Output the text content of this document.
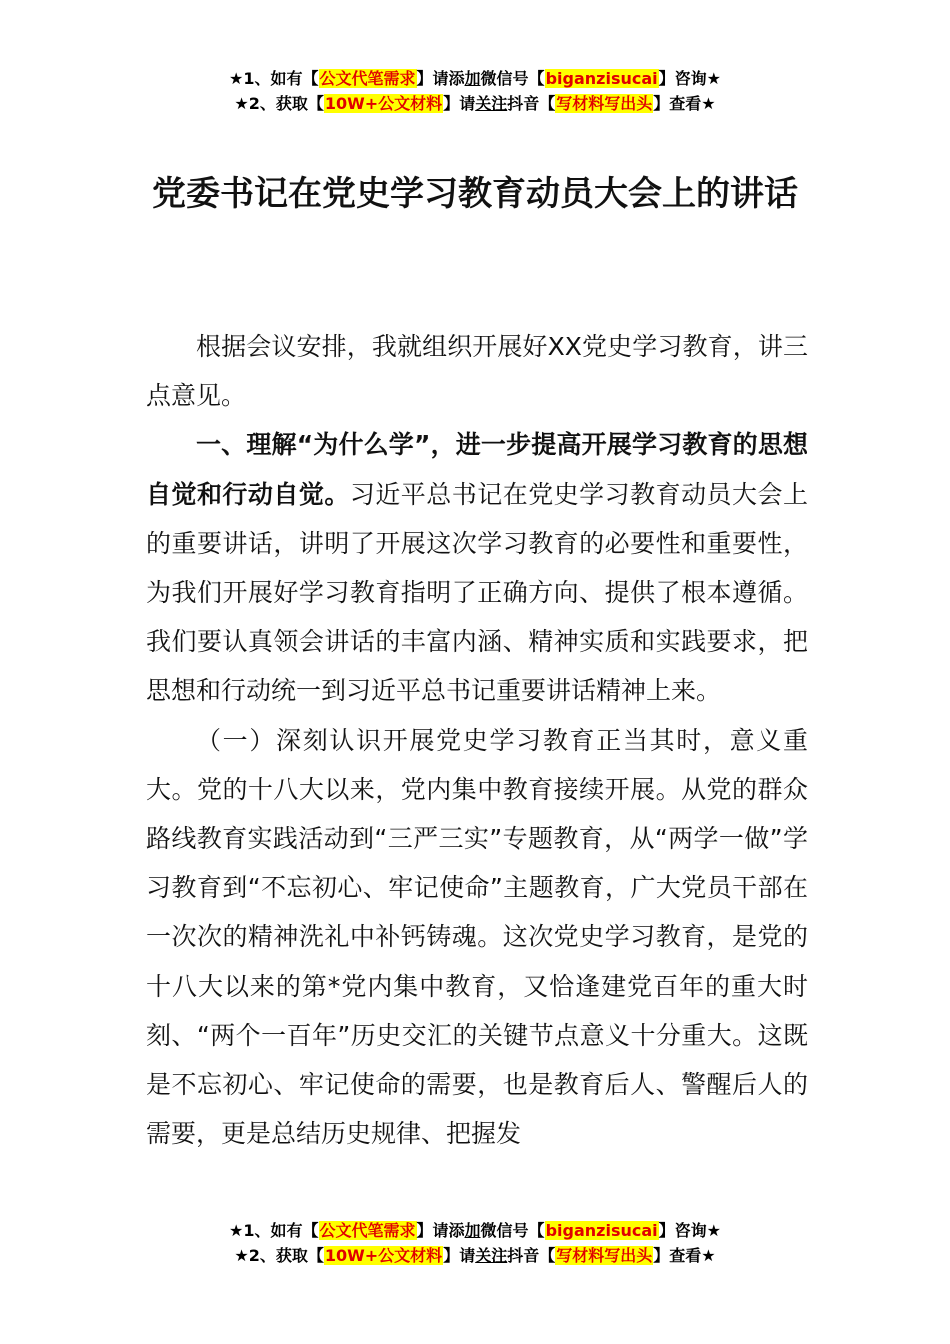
★1、如有【公文代笔需求】请添加微信号【biganzisucai】咨询★
★2、获取【10W+公文材料】请关注抖音【写材料写出头】查看★
党委书记在党史学习教育动员大会上的讲话

根据会议安排，我就组织开展好XX党史学习教育，讲三点意见。

一、理解“为什么学”，进一步提高开展学习教育的思想自觉和行动自觉。习近平总书记在党史学习教育动员大会上的重要讲话，讲明了开展这次学习教育的必要性和重要性，为我们开展好学习教育指明了正确方向、提供了根本遵循。我们要认真领会讲话的丰富内涵、精神实质和实践要求，把思想和行动统一到习近平总书记重要讲话精神上来。

（一）深刻认识开展党史学习教育正当其时，意义重大。党的十八大以来，党内集中教育接续开展。从党的群众路线教育实践活动到“三严三实”专题教育，从“两学一做”学习教育到“不忘初心、牢记使命”主题教育，广大党员干部在一次次的精神洗礼中补钙铸魂。这次党史学习教育，是党的十八大以来的第*党内集中教育，又恰逢建党百年的重大时刻、“两个一百年”历史交汇的关键节点意义十分重大。这既是不忘初心、牢记使命的需要，也是教育后人、警醒后人的需要，更是总结历史规律、把握发

★1、如有【公文代笔需求】请添加微信号【biganzisucai】咨询★
★2、获取【10W+公文材料】请关注抖音【写材料写出头】查看★
